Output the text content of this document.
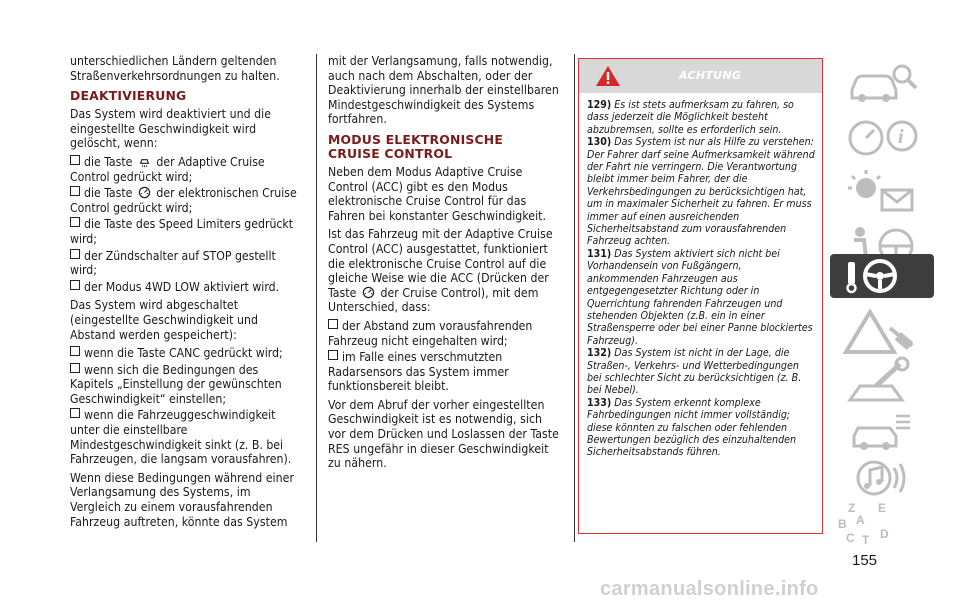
unterschiedlichen Ländern geltenden Straßenverkehrsordnungen zu halten.

DEAKTIVIERUNG

Das System wird deaktiviert und die eingestellte Geschwindigkeit wird gelöscht, wenn:

die Taste der Adaptive Cruise Control gedrückt wird;
die Taste der elektronischen Cruise Control gedrückt wird;
die Taste des Speed Limiters gedrückt wird;
der Zündschalter auf STOP gestellt wird;
der Modus 4WD LOW aktiviert wird.

Das System wird abgeschaltet (eingestellte Geschwindigkeit und Abstand werden gespeichert):

wenn die Taste CANC gedrückt wird;
wenn sich die Bedingungen des Kapitels „Einstellung der gewünschten Geschwindigkeit“ einstellen;
wenn die Fahrzeuggeschwindigkeit unter die einstellbare Mindestgeschwindigkeit sinkt (z. B. bei Fahrzeugen, die langsam vorausfahren).

Wenn diese Bedingungen während einer Verlangsamung des Systems, im Vergleich zu einem vorausfahrenden Fahrzeug auftreten, könnte das System

mit der Verlangsamung, falls notwendig, auch nach dem Abschalten, oder der Deaktivierung innerhalb der einstellbaren Mindestgeschwindigkeit des Systems fortfahren.

MODUS ELEKTRONISCHE CRUISE CONTROL

Neben dem Modus Adaptive Cruise Control (ACC) gibt es den Modus elektronische Cruise Control für das Fahren bei konstanter Geschwindigkeit.

Ist das Fahrzeug mit der Adaptive Cruise Control (ACC) ausgestattet, funktioniert die elektronische Cruise Control auf die gleiche Weise wie die ACC (Drücken der Taste der Cruise Control), mit dem Unterschied, dass:

der Abstand zum vorausfahrenden Fahrzeug nicht eingehalten wird;
im Falle eines verschmutzten Radarsensors das System immer funktionsbereit bleibt.

Vor dem Abruf der vorher eingestellten Geschwindigkeit ist es notwendig, sich vor dem Drücken und Loslassen der Taste RES ungefähr in dieser Geschwindigkeit zu nähern.

ACHTUNG
129) Es ist stets aufmerksam zu fahren, so dass jederzeit die Möglichkeit besteht abzubremsen, sollte es erforderlich sein.
130) Das System ist nur als Hilfe zu verstehen: Der Fahrer darf seine Aufmerksamkeit während der Fahrt nie verringern. Die Verantwortung bleibt immer beim Fahrer, der die Verkehrsbedingungen zu berücksichtigen hat, um in maximaler Sicherheit zu fahren. Er muss immer auf einen ausreichenden Sicherheitsabstand zum vorausfahrenden Fahrzeug achten.
131) Das System aktiviert sich nicht bei Vorhandensein von Fußgängern, ankommenden Fahrzeugen aus entgegengesetzter Richtung oder in Querrichtung fahrenden Fahrzeugen und stehenden Objekten (z.B. ein in einer Straßensperre oder bei einer Panne blockiertes Fahrzeug).
132) Das System ist nicht in der Lage, die Straßen-, Verkehrs- und Wetterbedingungen bei schlechter Sicht zu berücksichtigen (z. B. bei Nebel).
133) Das System erkennt komplexe Fahrbedingungen nicht immer vollständig; diese könnten zu falschen oder fehlenden Bewertungen bezüglich des einzuhaltenden Sicherheitsabstands führen.
i
Z E
B A
C D
T
155
carmanualsonline.info
